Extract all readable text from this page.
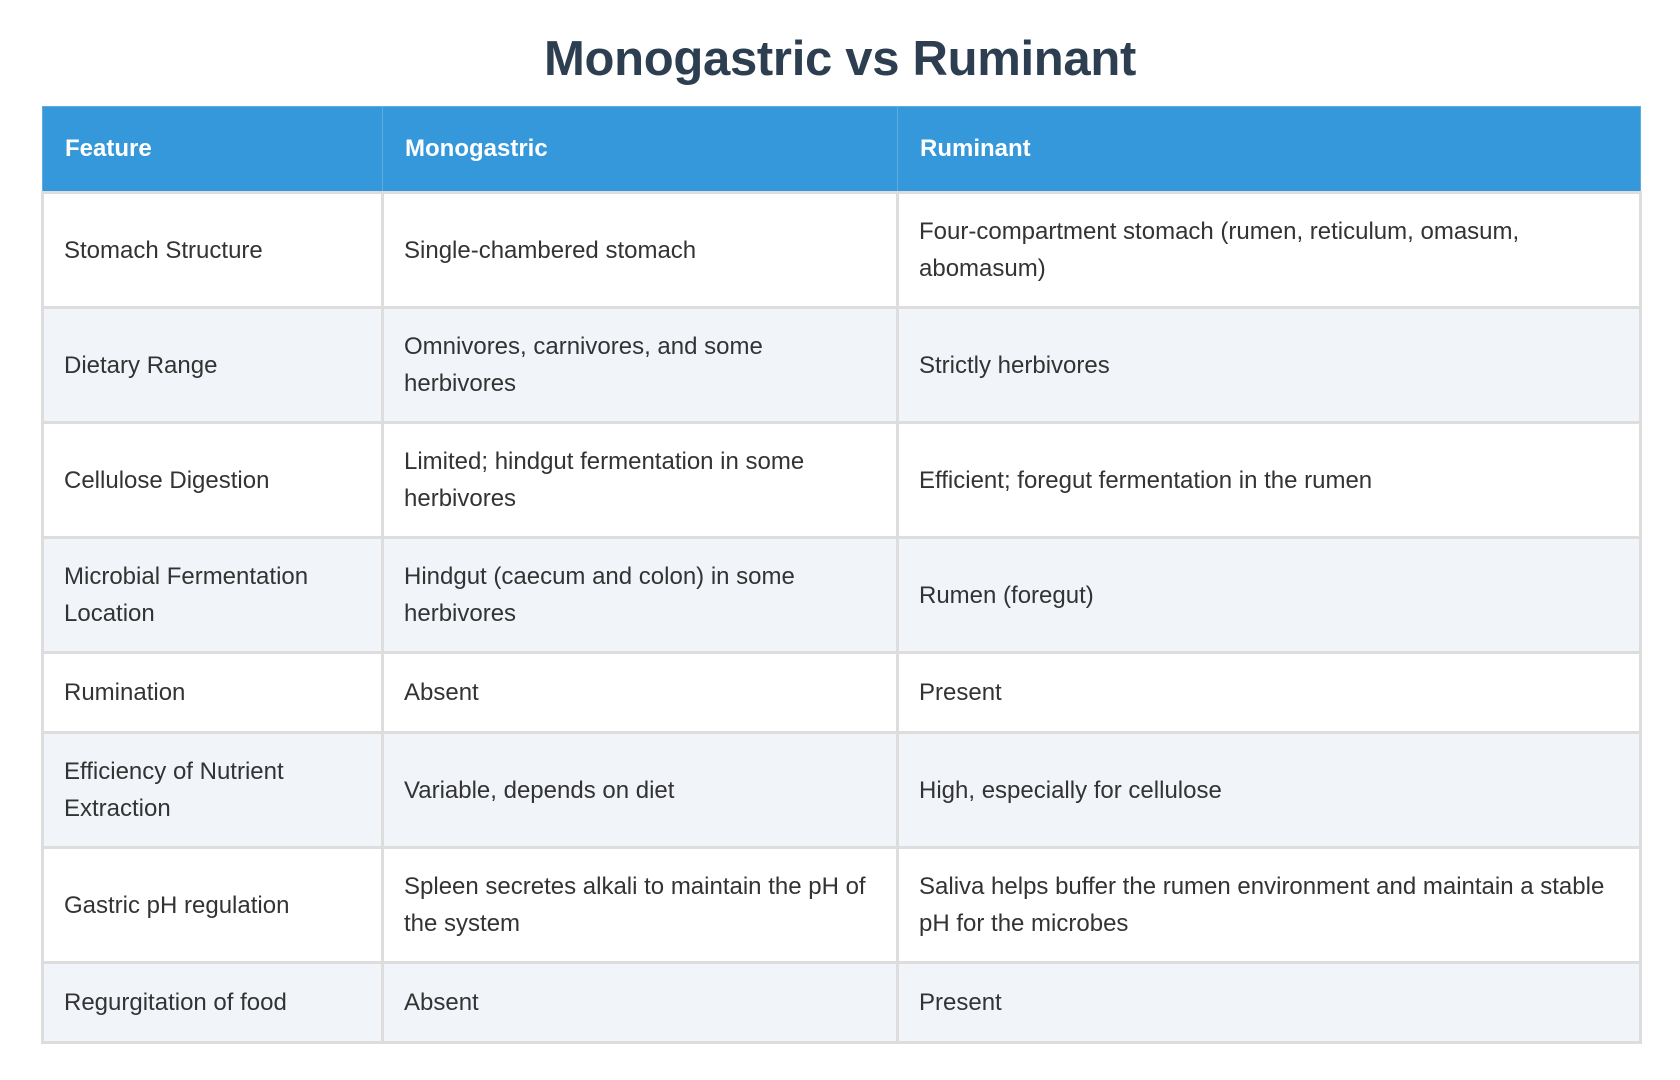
Monogastric vs Ruminant
Feature	Monogastric	Ruminant
Stomach Structure	Single-chambered stomach	Four-compartment stomach (rumen, reticulum, omasum, abomasum)
Dietary Range	Omnivores, carnivores, and some herbivores	Strictly herbivores
Cellulose Digestion	Limited; hindgut fermentation in some herbivores	Efficient; foregut fermentation in the rumen
Microbial Fermentation Location	Hindgut (caecum and colon) in some herbivores	Rumen (foregut)
Rumination	Absent	Present
Efficiency of Nutrient Extraction	Variable, depends on diet	High, especially for cellulose
Gastric pH regulation	Spleen secretes alkali to maintain the pH of the system	Saliva helps buffer the rumen environment and maintain a stable pH for the microbes
Regurgitation of food	Absent	Present
